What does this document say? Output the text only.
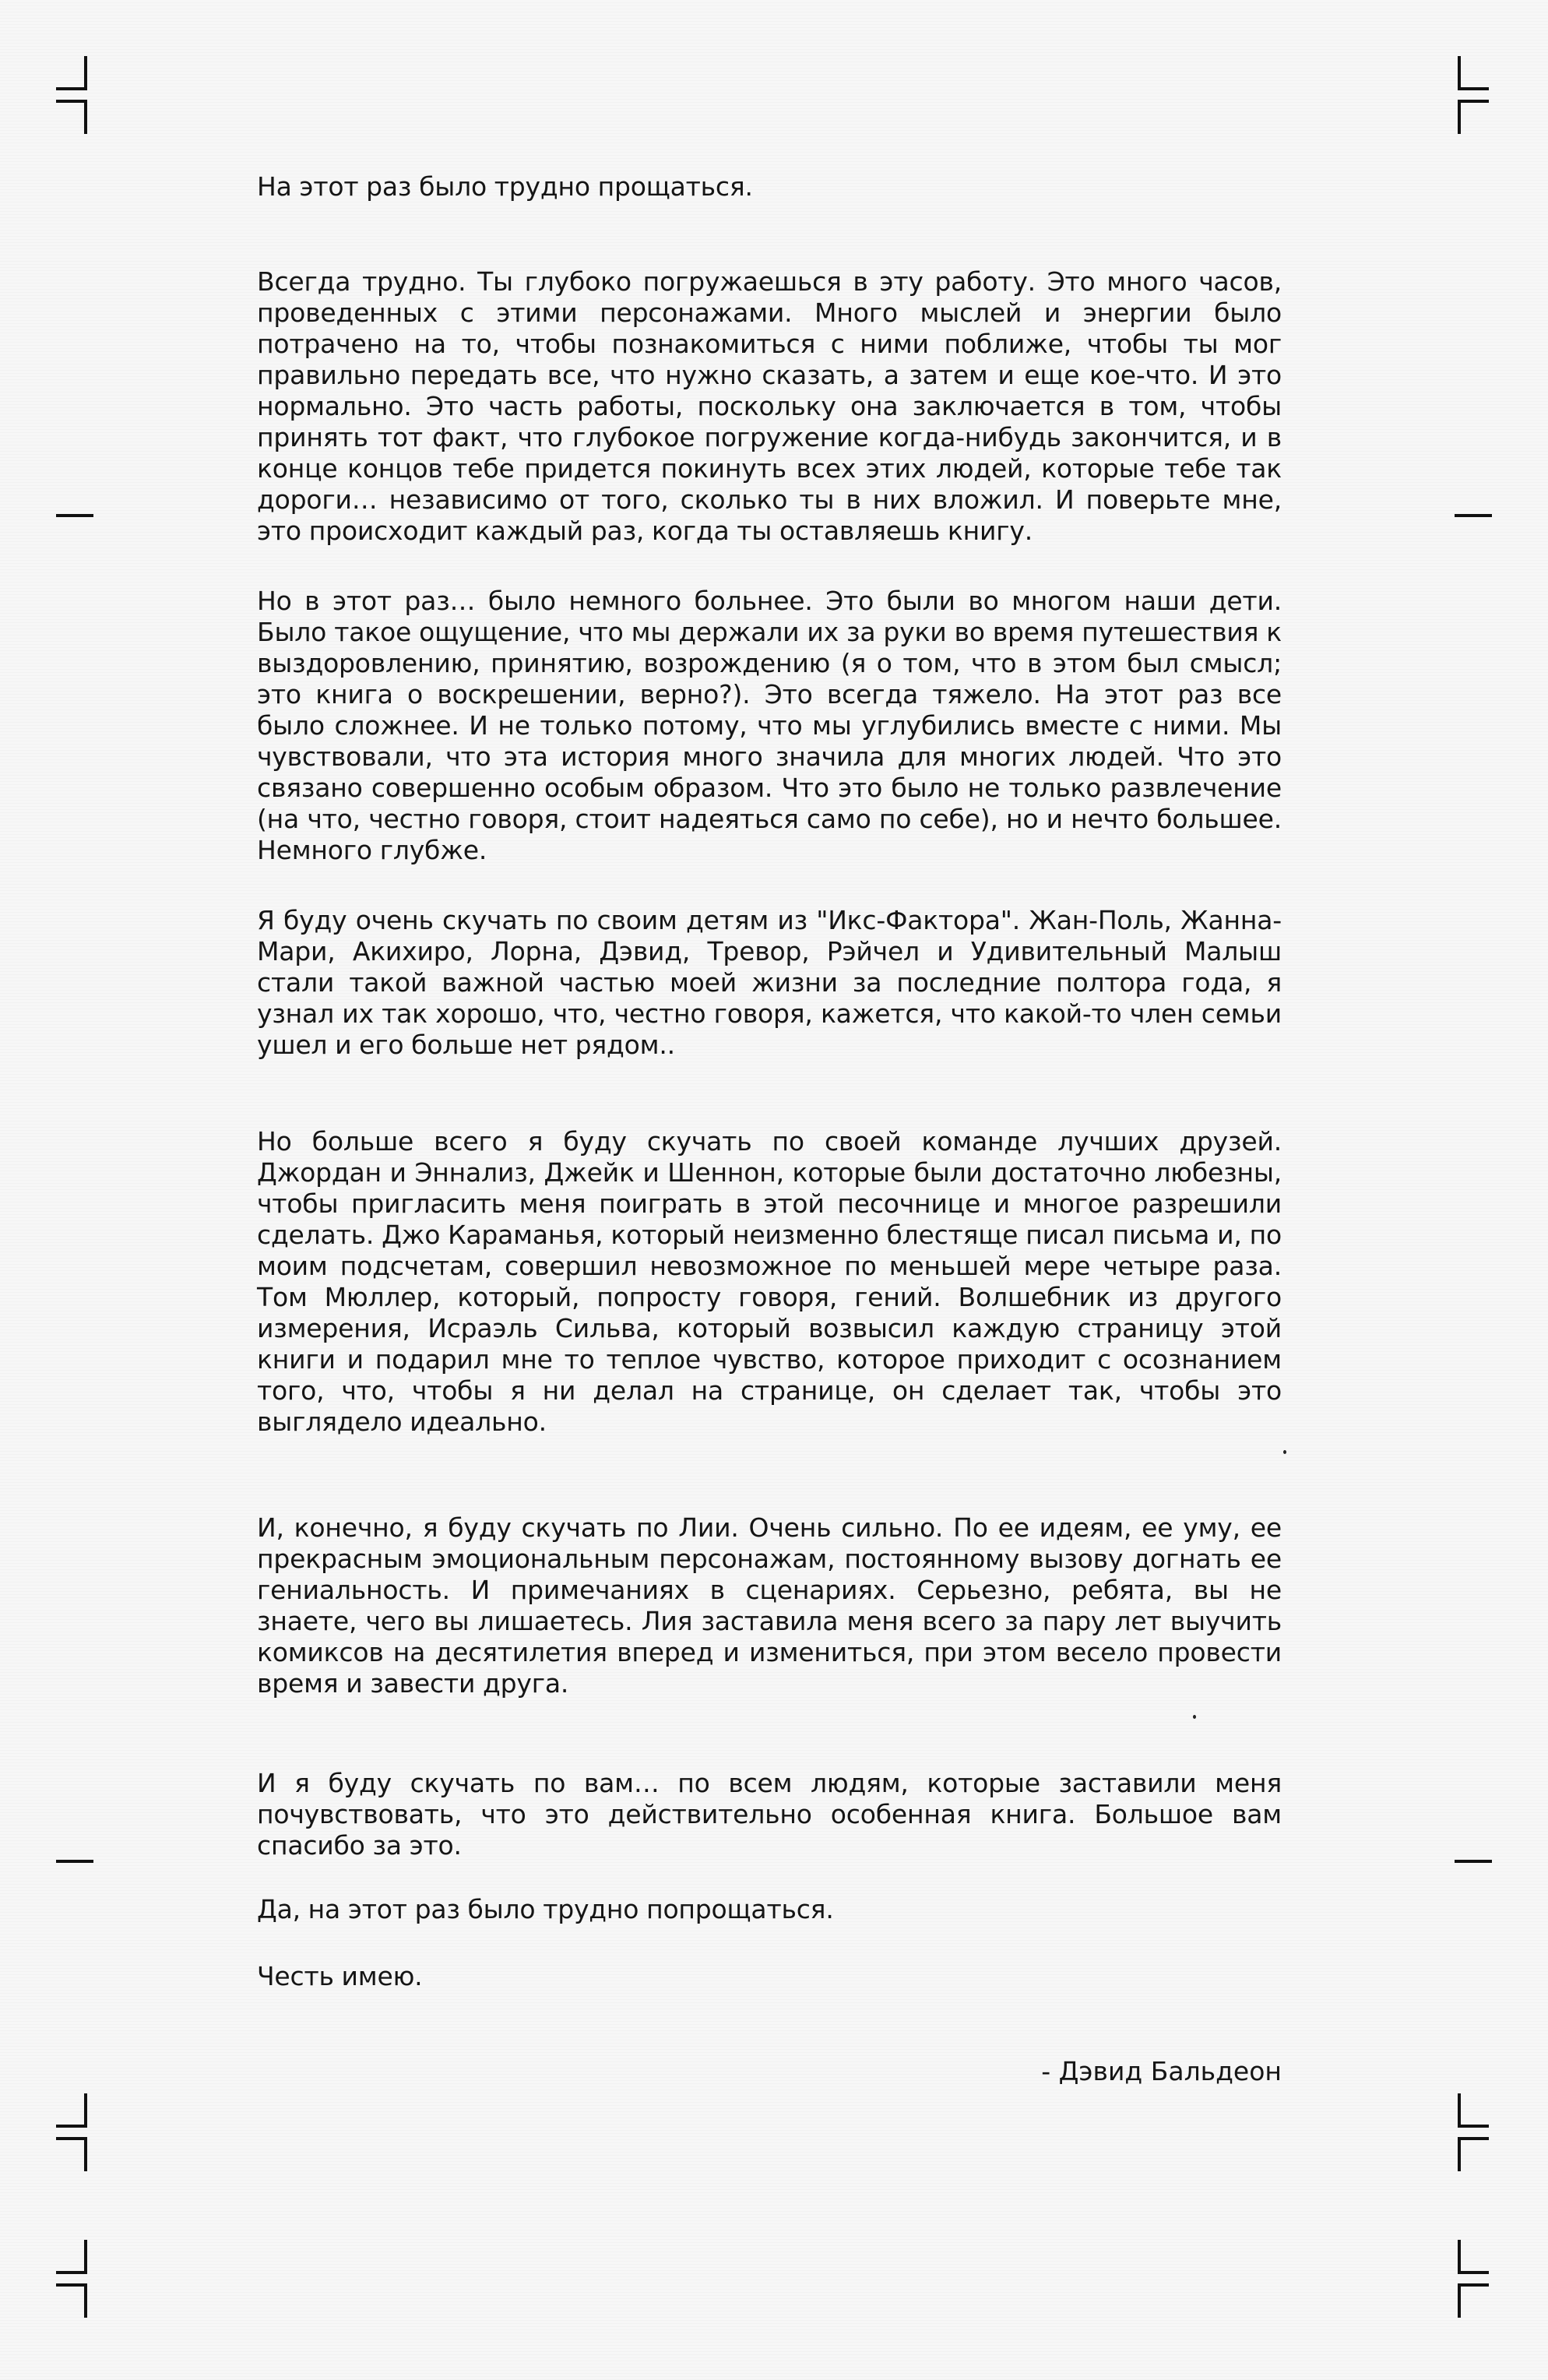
На этот раз было трудно прощаться.
Всегда трудно. Ты глубоко погружаешься в эту работу. Это много часов, проведенных с этими персонажами. Много мыслей и энергии было потрачено на то, чтобы познакомиться с ними поближе, чтобы ты мог правильно передать все, что нужно сказать, а затем и еще кое-что. И это нормально. Это часть работы, поскольку она заключается в том, чтобы принять тот факт, что глубокое погружение когда-нибудь закончится, и в конце концов тебе придется покинуть всех этих людей, которые тебе так дороги… независимо от того, сколько ты в них вложил. И поверьте мне, это происходит каждый раз, когда ты оставляешь книгу.
Но в этот раз… было немного больнее. Это были во многом наши дети. Было такое ощущение, что мы держали их за руки во время путешествия к выздоровлению, принятию, возрождению (я о том, что в этом был смысл; это книга о воскрешении, верно?). Это всегда тяжело. На этот раз все было сложнее. И не только потому, что мы углубились вместе с ними. Мы чувствовали, что эта история много значила для многих людей. Что это связано совершенно особым образом. Что это было не только развлечение (на что, честно говоря, стоит надеяться само по себе), но и нечто большее. Немного глубже.
Я буду очень скучать по своим детям из "Икс-Фактора". Жан-Поль, Жанна-Мари, Акихиро, Лорна, Дэвид, Тревор, Рэйчел и Удивительный Малыш стали такой важной частью моей жизни за последние полтора года, я узнал их так хорошо, что, честно говоря, кажется, что какой-то член семьи ушел и его больше нет рядом..
Но больше всего я буду скучать по своей команде лучших друзей. Джордан и Эннализ, Джейк и Шеннон, которые были достаточно любезны, чтобы пригласить меня поиграть в этой песочнице и многое разрешили сделать. Джо Караманья, который неизменно блестяще писал письма и, по моим подсчетам, совершил невозможное по меньшей мере четыре раза. Том Мюллер, который, попросту говоря, гений. Волшебник из другого измерения, Исраэль Сильва, который возвысил каждую страницу этой книги и подарил мне то теплое чувство, которое приходит с осознанием того, что, чтобы я ни делал на странице, он сделает так, чтобы это выглядело идеально.
И, конечно, я буду скучать по Лии. Очень сильно. По ее идеям, ее уму, ее прекрасным эмоциональным персонажам, постоянному вызову догнать ее гениальность. И примечаниях в сценариях. Серьезно, ребята, вы не знаете, чего вы лишаетесь. Лия заставила меня всего за пару лет выучить комиксов на десятилетия вперед и измениться, при этом весело провести время и завести друга.
И я буду скучать по вам… по всем людям, которые заставили меня почувствовать, что это действительно особенная книга. Большое вам спасибо за это.
Да, на этот раз было трудно попрощаться.
Честь имею.
- Дэвид Бальдеон
